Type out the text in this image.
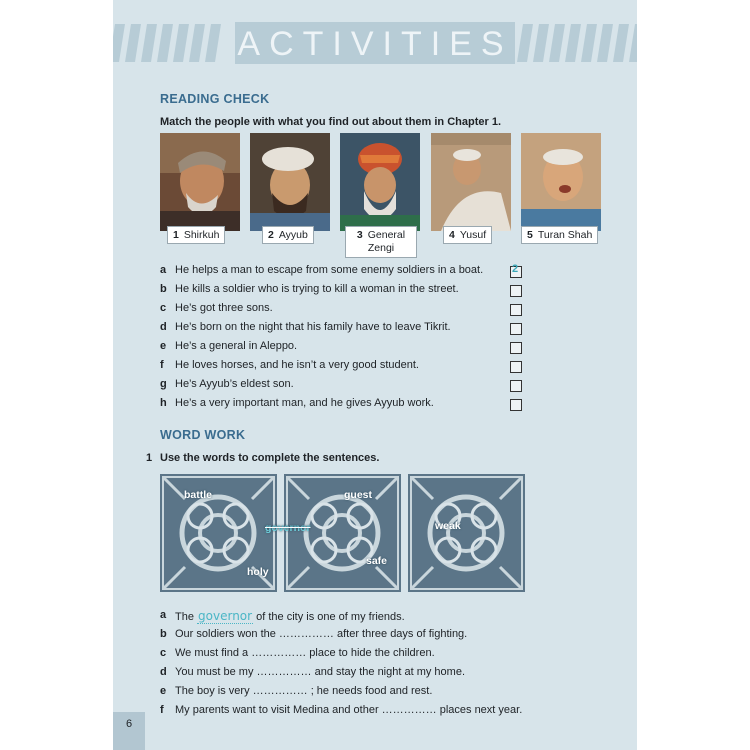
ACTIVITIES
READING CHECK
Match the people with what you find out about them in Chapter 1.
1 Shirkuh	2 Ayyub	3 General
Zengi
4 Yusuf	5 Turan Shah
a He helps a man to escape from some enemy soldiers in a boat.	2
b He kills a soldier who is trying to kill a woman in the street.
c He’s got three sons.
d He’s born on the night that his family have to leave Tikrit.
e He’s a general in Aleppo.
f He loves horses, and he isn’t a very good student.
g He’s Ayyub’s eldest son.
h He’s a very important man, and he gives Ayyub work.
WORD WORK
1 Use the words to complete the sentences.
battle	guest
governor	weak
holy
safe
a The governor of the city is one of my friends.
b Our soldiers won the …………… after three days of fighting.
c We must find a …………… place to hide the children.
d You must be my …………… and stay the night at my home.
e The boy is very …………… ; he needs food and rest.
f My parents want to visit Medina and other …………… places next year.
6
